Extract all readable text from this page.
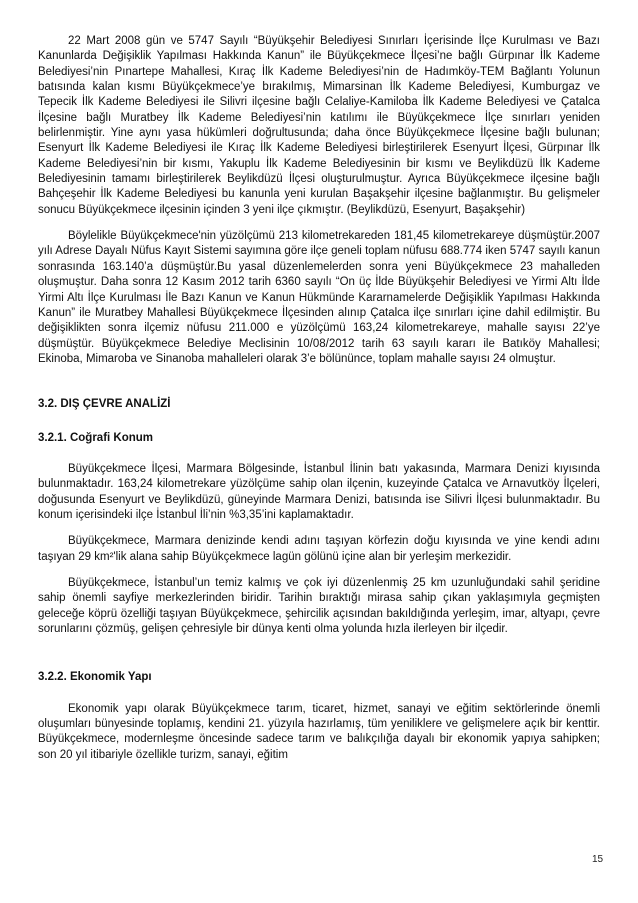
22 Mart 2008 gün ve 5747 Sayılı “Büyükşehir Belediyesi Sınırları İçerisinde İlçe Kurulması ve Bazı Kanunlarda Değişiklik Yapılması Hakkında Kanun” ile Büyükçekmece İlçesi’ne bağlı Gürpınar İlk Kademe Belediyesi’nin Pınartepe Mahallesi, Kıraç İlk Kademe Belediyesi’nin de Hadımköy-TEM Bağlantı Yolunun batısında kalan kısmı Büyükçekmece’ye bırakılmış, Mimarsinan İlk Kademe Belediyesi, Kumburgaz ve Tepecik İlk Kademe Belediyesi ile Silivri ilçesine bağlı Celaliye-Kamiloba İlk Kademe Belediyesi ve Çatalca İlçesine bağlı Muratbey İlk Kademe Belediyesi’nin katılımı ile Büyükçekmece İlçe sınırları yeniden belirlenmiştir. Yine aynı yasa hükümleri doğrultusunda; daha önce Büyükçekmece İlçesine bağlı bulunan; Esenyurt İlk Kademe Belediyesi ile Kıraç İlk Kademe Belediyesi birleştirilerek Esenyurt İlçesi, Gürpınar İlk Kademe Belediyesi’nin bir kısmı, Yakuplu İlk Kademe Belediyesinin bir kısmı ve Beylikdüzü İlk Kademe Belediyesinin tamamı birleştirilerek Beylikdüzü İlçesi oluşturulmuştur. Ayrıca Büyükçekmece ilçesine bağlı Bahçeşehir İlk Kademe Belediyesi bu kanunla yeni kurulan Başakşehir ilçesine bağlanmıştır. Bu gelişmeler sonucu Büyükçekmece ilçesinin içinden 3 yeni ilçe çıkmıştır. (Beylikdüzü, Esenyurt, Başakşehir)

Böylelikle Büyükçekmece'nin yüzölçümü 213 kilometrekareden 181,45 kilometrekareye düşmüştür.2007 yılı Adrese Dayalı Nüfus Kayıt Sistemi sayımına göre ilçe geneli toplam nüfusu 688.774 iken 5747 sayılı kanun sonrasında 163.140’a düşmüştür.Bu yasal düzenlemelerden sonra yeni Büyükçekmece 23 mahalleden oluşmuştur. Daha sonra 12 Kasım 2012 tarih 6360 sayılı “On üç İlde Büyükşehir Belediyesi ve Yirmi Altı İlde Yirmi Altı İlçe Kurulması İle Bazı Kanun ve Kanun Hükmünde Kararnamelerde Değişiklik Yapılması Hakkında Kanun” ile Muratbey Mahallesi Büyükçekmece İlçesinden alınıp Çatalca ilçe sınırları içine dahil edilmiştir. Bu değişiklikten sonra ilçemiz nüfusu 211.000 e yüzölçümü 163,24 kilometrekareye, mahalle sayısı 22’ye düşmüştür. Büyükçekmece Belediye Meclisinin 10/08/2012 tarih 63 sayılı kararı ile Batıköy Mahallesi; Ekinoba, Mimaroba ve Sinanoba mahalleleri olarak 3’e bölününce, toplam mahalle sayısı 24 olmuştur.

3.2. DIŞ ÇEVRE ANALİZİ
3.2.1. Coğrafi Konum

Büyükçekmece İlçesi, Marmara Bölgesinde, İstanbul İlinin batı yakasında, Marmara Denizi kıyısında bulunmaktadır. 163,24 kilometrekare yüzölçüme sahip olan ilçenin, kuzeyinde Çatalca ve Arnavutköy İlçeleri, doğusunda Esenyurt ve Beylikdüzü, güneyinde Marmara Denizi, batısında ise Silivri İlçesi bulunmaktadır. Bu konum içerisindeki ilçe İstanbul İli’nin %3,35’ini kaplamaktadır.

Büyükçekmece, Marmara denizinde kendi adını taşıyan körfezin doğu kıyısında ve yine kendi adını taşıyan 29 km²'lik alana sahip Büyükçekmece lagün gölünü içine alan bir yerleşim merkezidir.

Büyükçekmece, İstanbul’un temiz kalmış ve çok iyi düzenlenmiş 25 km uzunluğundaki sahil şeridine sahip önemli sayfiye merkezlerinden biridir. Tarihin bıraktığı mirasa sahip çıkan yaklaşımıyla geçmişten geleceğe köprü özelliği taşıyan Büyükçekmece, şehircilik açısından bakıldığında yerleşim, imar, altyapı, çevre sorunlarını çözmüş, gelişen çehresiyle bir dünya kenti olma yolunda hızla ilerleyen bir ilçedir.

3.2.2. Ekonomik Yapı

Ekonomik yapı olarak Büyükçekmece tarım, ticaret, hizmet, sanayi ve eğitim sektörlerinde önemli oluşumları bünyesinde toplamış, kendini 21. yüzyıla hazırlamış, tüm yeniliklere ve gelişmelere açık bir kenttir. Büyükçekmece, modernleşme öncesinde sadece tarım ve balıkçılığa dayalı bir ekonomik yapıya sahipken; son 20 yıl itibariyle özellikle turizm, sanayi, eğitim

15
